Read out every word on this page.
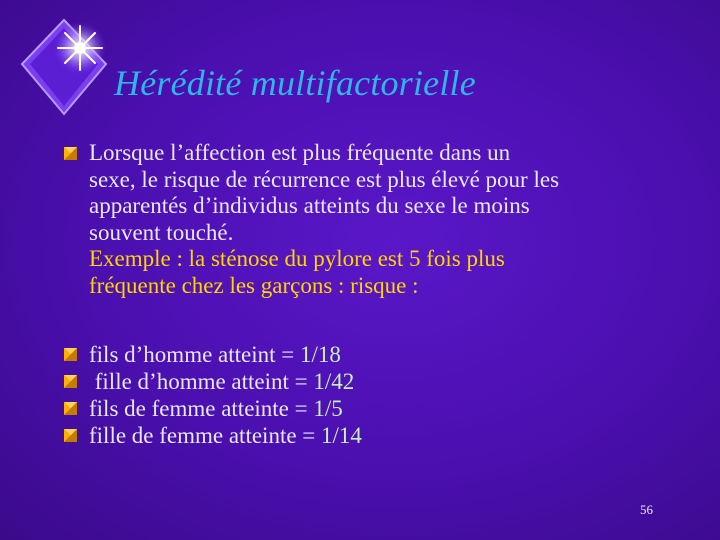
Hérédité multifactorielle
Lorsque l’affection est plus fréquente dans un
sexe, le risque de récurrence est plus élevé pour les
apparentés d’individus atteints du sexe le moins
souvent touché.
Exemple : la sténose du pylore est 5 fois plus
fréquente chez les garçons : risque :
fils d’homme atteint = 1/18
fille d’homme atteint = 1/42
fils de femme atteinte = 1/5
fille de femme atteinte = 1/14
56
